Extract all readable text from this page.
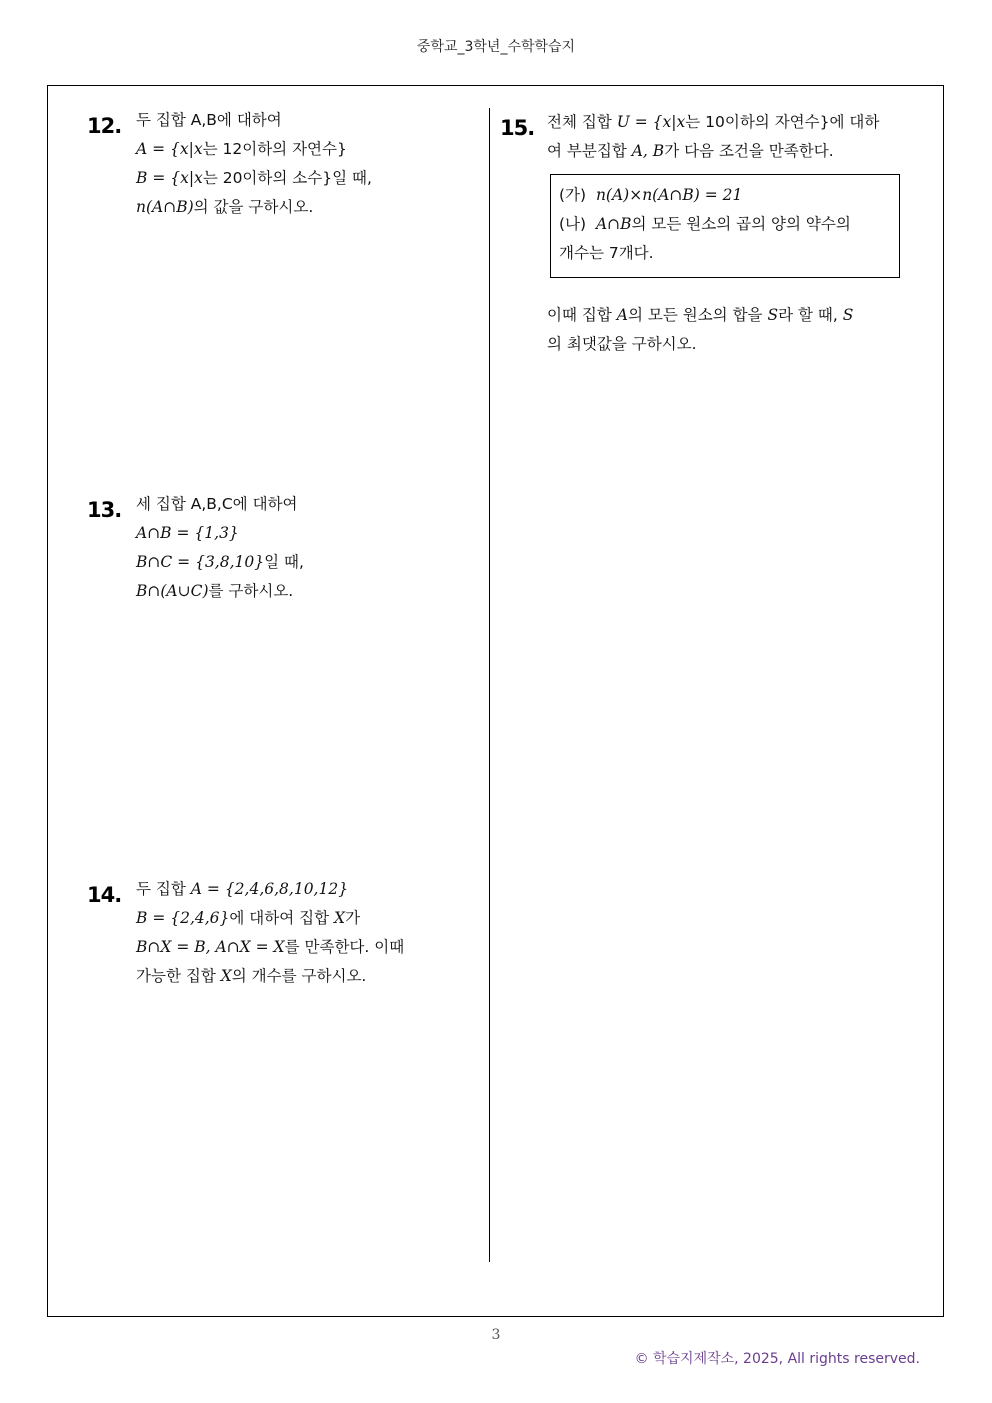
중학교_3학년_수학학습지
12. 두 집합 A,B에 대하여
A = {x|x는 12이하의 자연수}
B = {x|x는 20이하의 소수}일 때,
n(A∩B)의 값을 구하시오.
13. 세 집합 A,B,C에 대하여
A∩B = {1,3}
B∩C = {3,8,10}일 때,
B∩(A∪C)를 구하시오.
14. 두 집합 A = {2,4,6,8,10,12}
B = {2,4,6}에 대하여 집합 X가
B∩X = B, A∩X = X를 만족한다. 이때
가능한 집합 X의 개수를 구하시오.
15. 전체 집합 U = {x|x는 10이하의 자연수}에 대하
여 부분집합 A, B가 다음 조건을 만족한다.
(가) n(A)×n(A∩B) = 21
(나) A∩B의 모든 원소의 곱의 양의 약수의
개수는 7개다.
이때 집합 A의 모든 원소의 합을 S라 할 때, S
의 최댓값을 구하시오.
3
© 학습지제작소, 2025, All rights reserved.
